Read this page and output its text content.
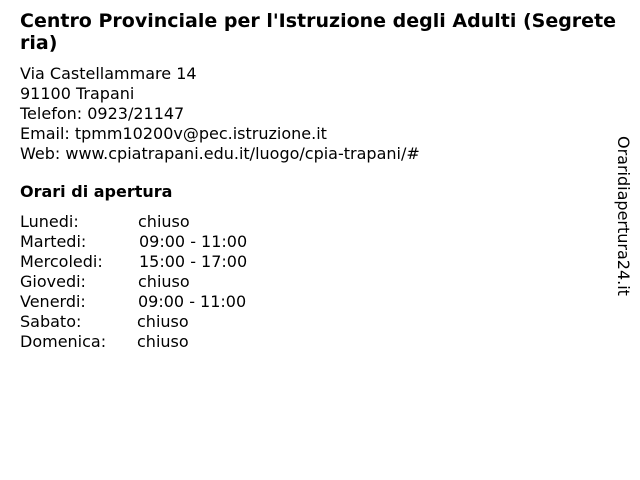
Centro Provinciale per l'Istruzione degli Adulti (Segreteria)
Via Castellammare 14
91100 Trapani
Telefon: 0923/21147
Email: tpmm10200v@pec.istruzione.it
Web: www.cpiatrapani.edu.it/luogo/cpia-trapani/#
Orari di apertura
Lunedi:	chiuso
Martedi:	09:00 - 11:00
Mercoledi: 15:00 - 17:00
Giovedi:	chiuso
Venerdi:	09:00 - 11:00
Sabato:	chiuso
Domenica: chiuso
Oraridiapertura24.it
